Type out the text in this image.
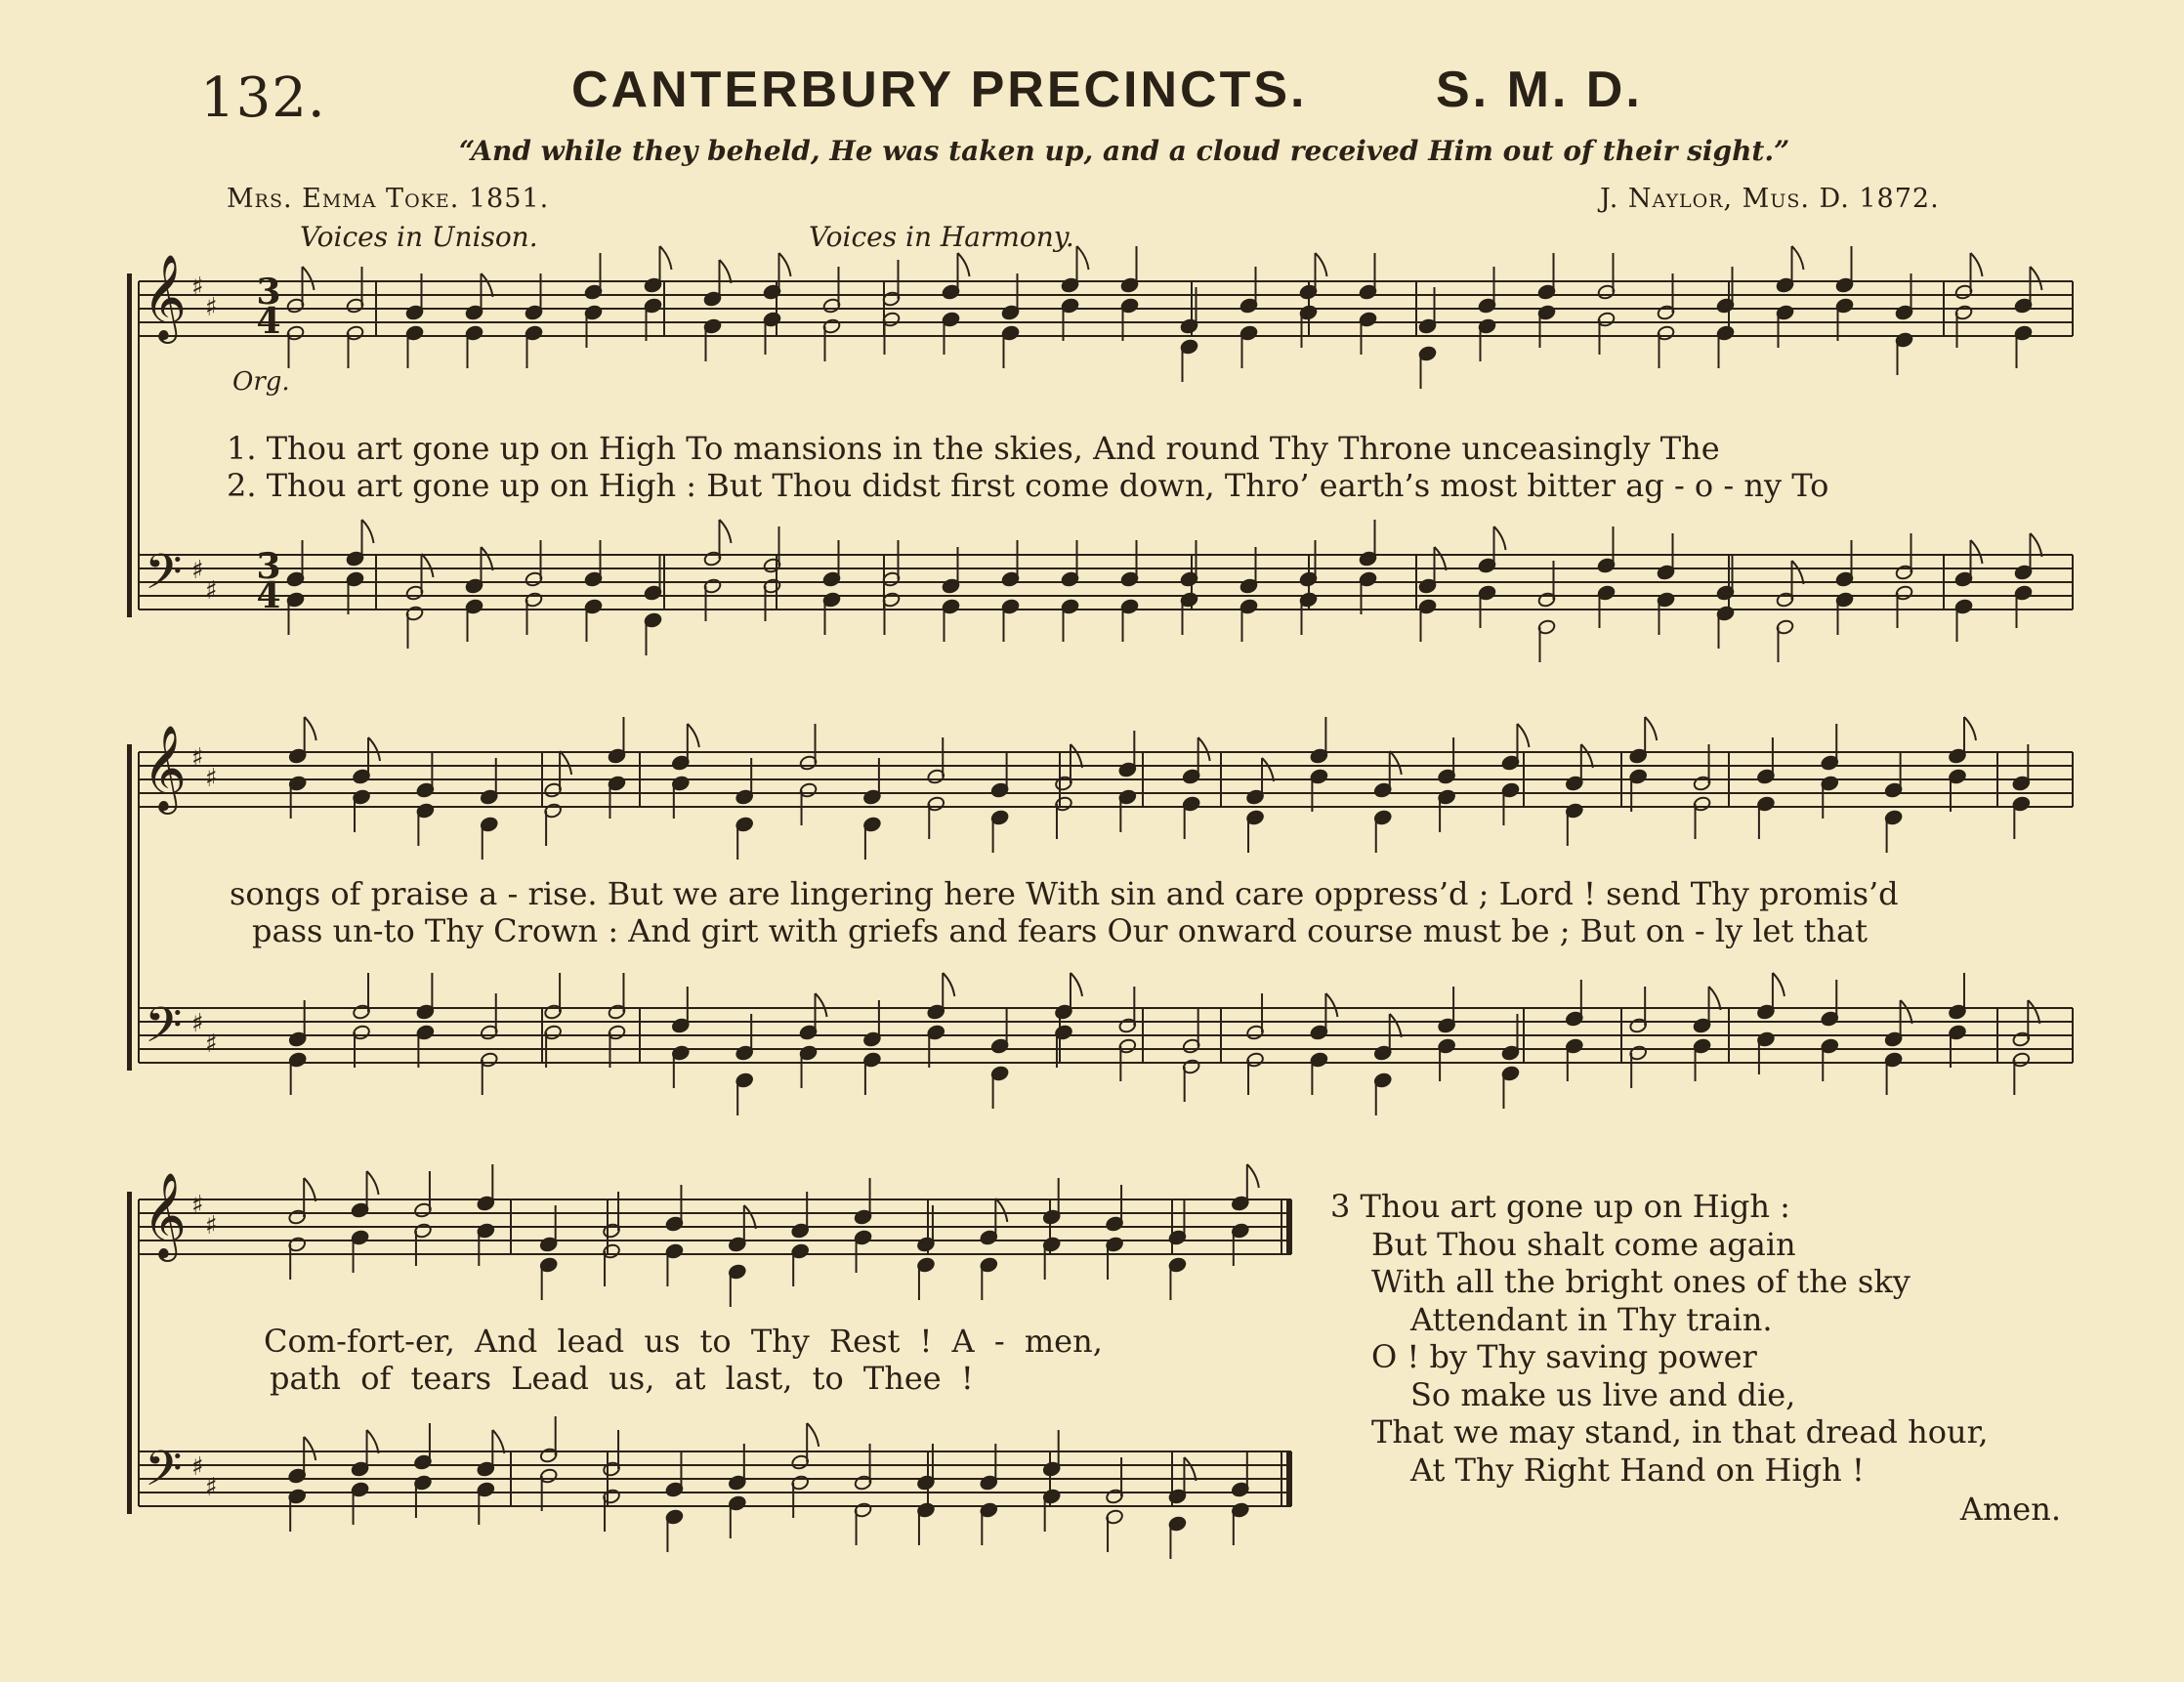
132.	CANTERBURY PRECINCTS.	S. M. D.
“And while they beheld, He was taken up, and a cloud received Him out of their sight.”
Mrs. Emma Toke. 1851.	J. Naylor, Mus. D. 1872.
Voices in Unison.	Voices in Harmony.
Org.
𝄞
𝄢
♯
♯
♯
♯
𝄞
𝄢
♯
♯
♯
♯
𝄞
𝄢
♯
♯
♯
♯
3
4
3
4
1. Thou art gone up on High To mansions in the skies, And round Thy Throne unceasingly The
2. Thou art gone up on High : But Thou didst first come down, Thro’ earth’s most bitter ag - o - ny To
songs of praise a - rise. But we are lingering here With sin and care oppress’d ; Lord ! send Thy promis’d
pass un-to Thy Crown : And girt with griefs and fears Our onward course must be ; But on - ly let that
Com-fort-er, And lead us to Thy Rest ! A - men,
path of tears Lead us, at last, to Thee !
3 Thou art gone up on High :
But Thou shalt come again
With all the bright ones of the sky
Attendant in Thy train.
O ! by Thy saving power
So make us live and die,
That we may stand, in that dread hour,
At Thy Right Hand on High !
Amen.
